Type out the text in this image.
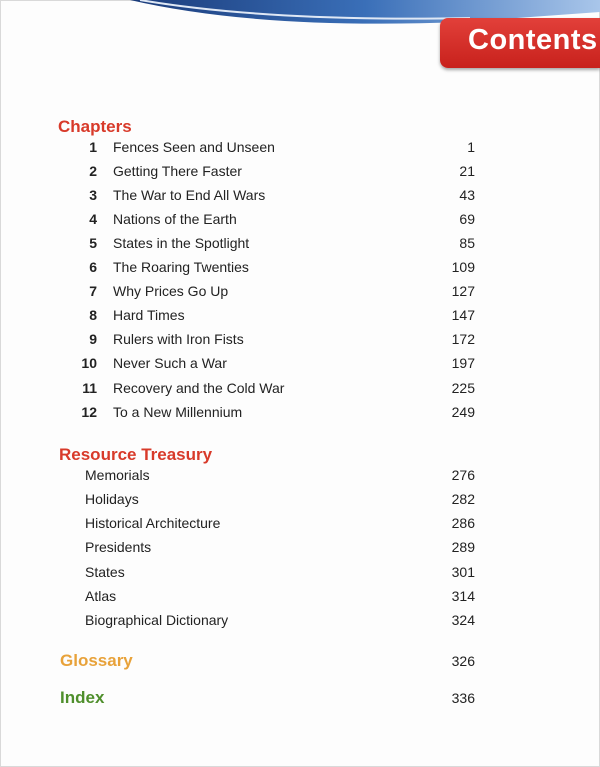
Contents
Chapters
1 Fences Seen and Unseen	1
2 Getting There Faster	21
3 The War to End All Wars	43
4 Nations of the Earth	69
5 States in the Spotlight	85
6 The Roaring Twenties	109
7 Why Prices Go Up	127
8 Hard Times	147
9 Rulers with Iron Fists	172
10 Never Such a War	197
11 Recovery and the Cold War	225
12 To a New Millennium	249
Resource Treasury
Memorials	276
Holidays	282
Historical Architecture	286
Presidents	289
States	301
Atlas	314
Biographical Dictionary	324
Glossary	326
Index	336
